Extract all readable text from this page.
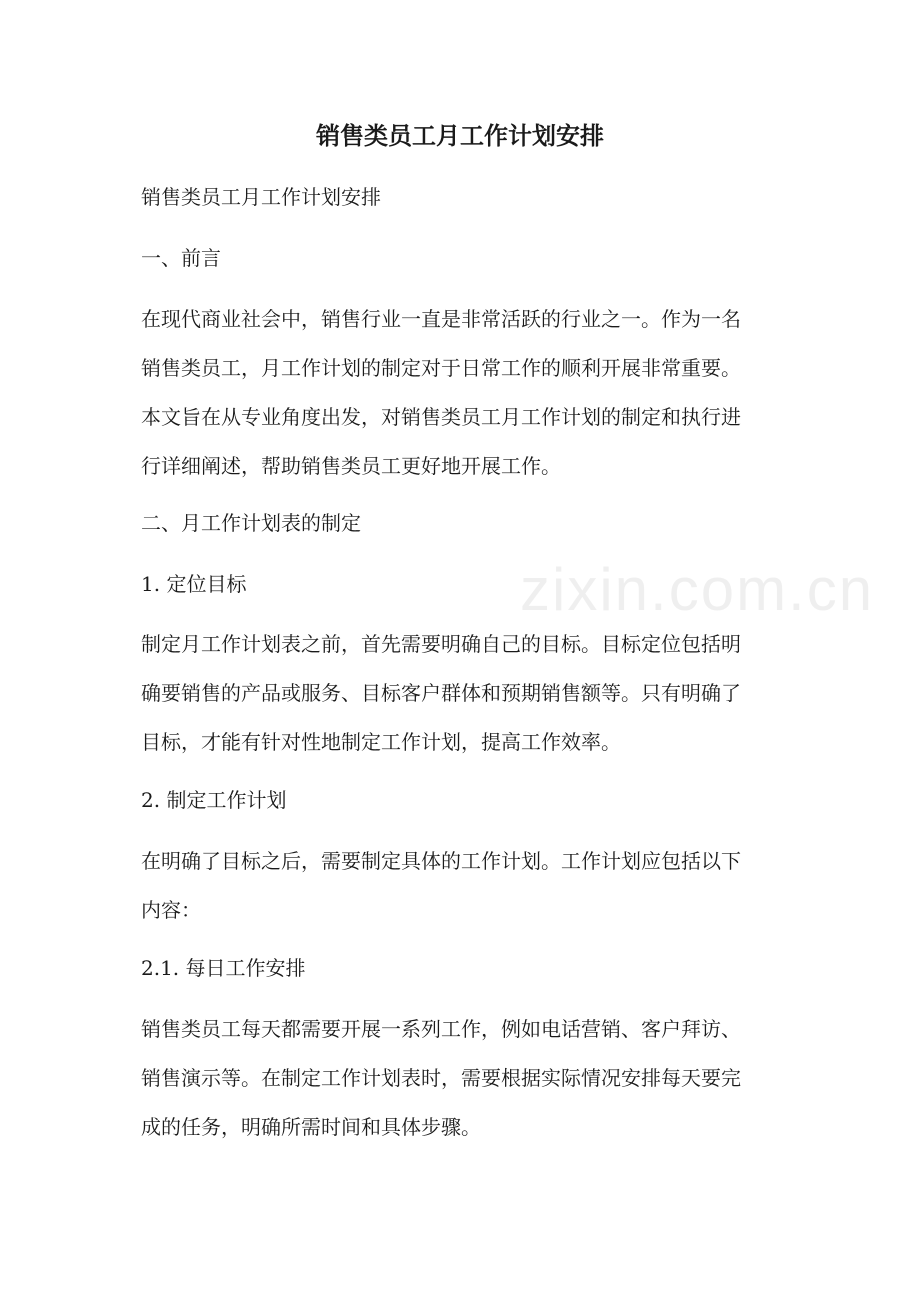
销售类员工月工作计划安排

销售类员工月工作计划安排

一、前言

在现代商业社会中，销售行业一直是非常活跃的行业之一。作为一名

销售类员工，月工作计划的制定对于日常工作的顺利开展非常重要。

本文旨在从专业角度出发，对销售类员工月工作计划的制定和执行进

行详细阐述，帮助销售类员工更好地开展工作。

二、月工作计划表的制定

1. 定位目标

制定月工作计划表之前，首先需要明确自己的目标。目标定位包括明

确要销售的产品或服务、目标客户群体和预期销售额等。只有明确了

目标，才能有针对性地制定工作计划，提高工作效率。

2. 制定工作计划

在明确了目标之后，需要制定具体的工作计划。工作计划应包括以下

内容：

2.1. 每日工作安排

销售类员工每天都需要开展一系列工作，例如电话营销、客户拜访、

销售演示等。在制定工作计划表时，需要根据实际情况安排每天要完

成的任务，明确所需时间和具体步骤。

zixin.com.cn
